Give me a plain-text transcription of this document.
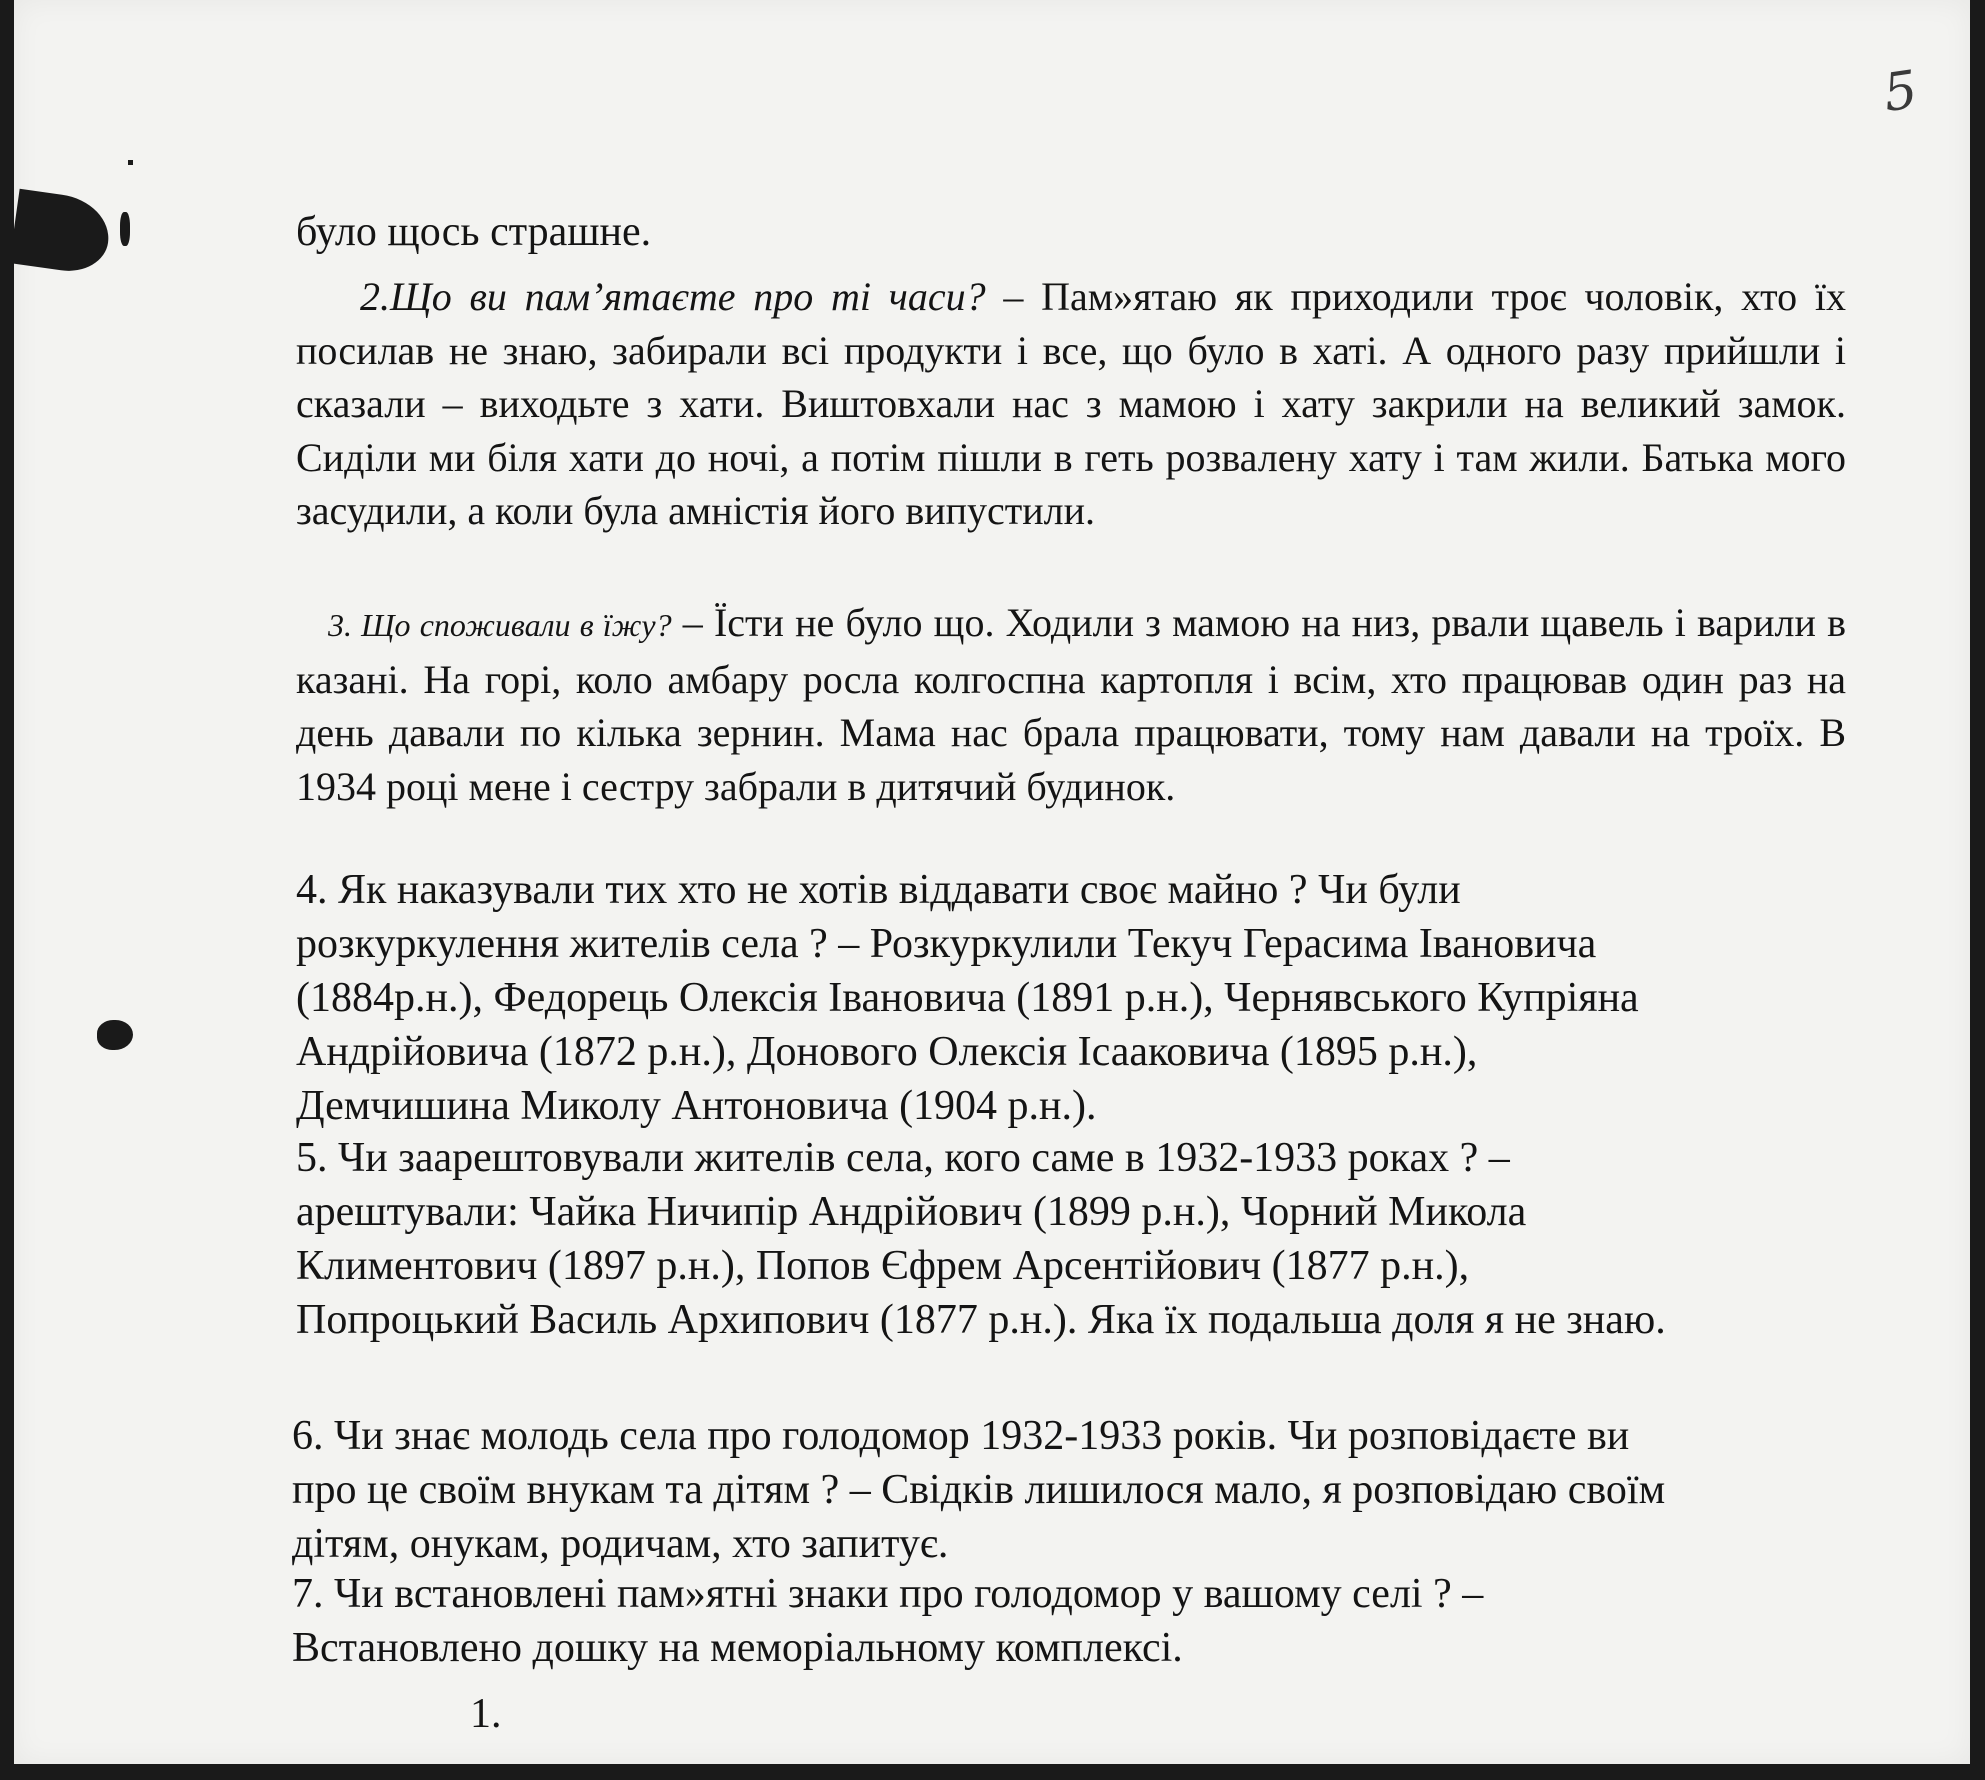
5

було щось страшне.

2.Що ви пам’ятаєте про ті часи? – Пам»ятаю як приходили троє чоловік, хто їх посилав не знаю, забирали всі продукти і все, що було в хаті. А одного разу прийшли і сказали – виходьте з хати. Виштовхали нас з мамою і хату закрили на великий замок. Сиділи ми біля хати до ночі, а потім пішли в геть розвалену хату і там жили. Батька мого засудили, а коли була амністія його випустили.

3. Що споживали в їжу? – Їсти не було що. Ходили з мамою на низ, рвали щавель і варили в казані. На горі, коло амбару росла колгоспна картопля і всім, хто працював один раз на день давали по кілька зернин. Мама нас брала працювати, тому нам давали на троїх. В 1934 році мене і сестру забрали в дитячий будинок.

4. Як наказували тих хто не хотів віддавати своє майно ? Чи були
розкуркулення жителів села ? – Розкуркулили Текуч Герасима Івановича
(1884р.н.), Федорець Олексія Івановича (1891 р.н.), Чернявського Купріяна
Андрійовича (1872 р.н.), Донового Олексія Ісааковича (1895 р.н.),
Демчишина Миколу Антоновича (1904 р.н.).

5. Чи заарештовували жителів села, кого саме в 1932-1933 роках ? –
арештували: Чайка Ничипір Андрійович (1899 р.н.), Чорний Микола
Климентович (1897 р.н.), Попов Єфрем Арсентійович (1877 р.н.),
Попроцький Василь Архипович (1877 р.н.). Яка їх подальша доля я не знаю.

6. Чи знає молодь села про голодомор 1932-1933 років. Чи розповідаєте ви
про це своїм внукам та дітям ? – Свідків лишилося мало, я розповідаю своїм
дітям, онукам, родичам, хто запитує.

7. Чи встановлені пам»ятні знаки про голодомор у вашому селі ? –
Встановлено дошку на меморіальному комплексі.

1.
